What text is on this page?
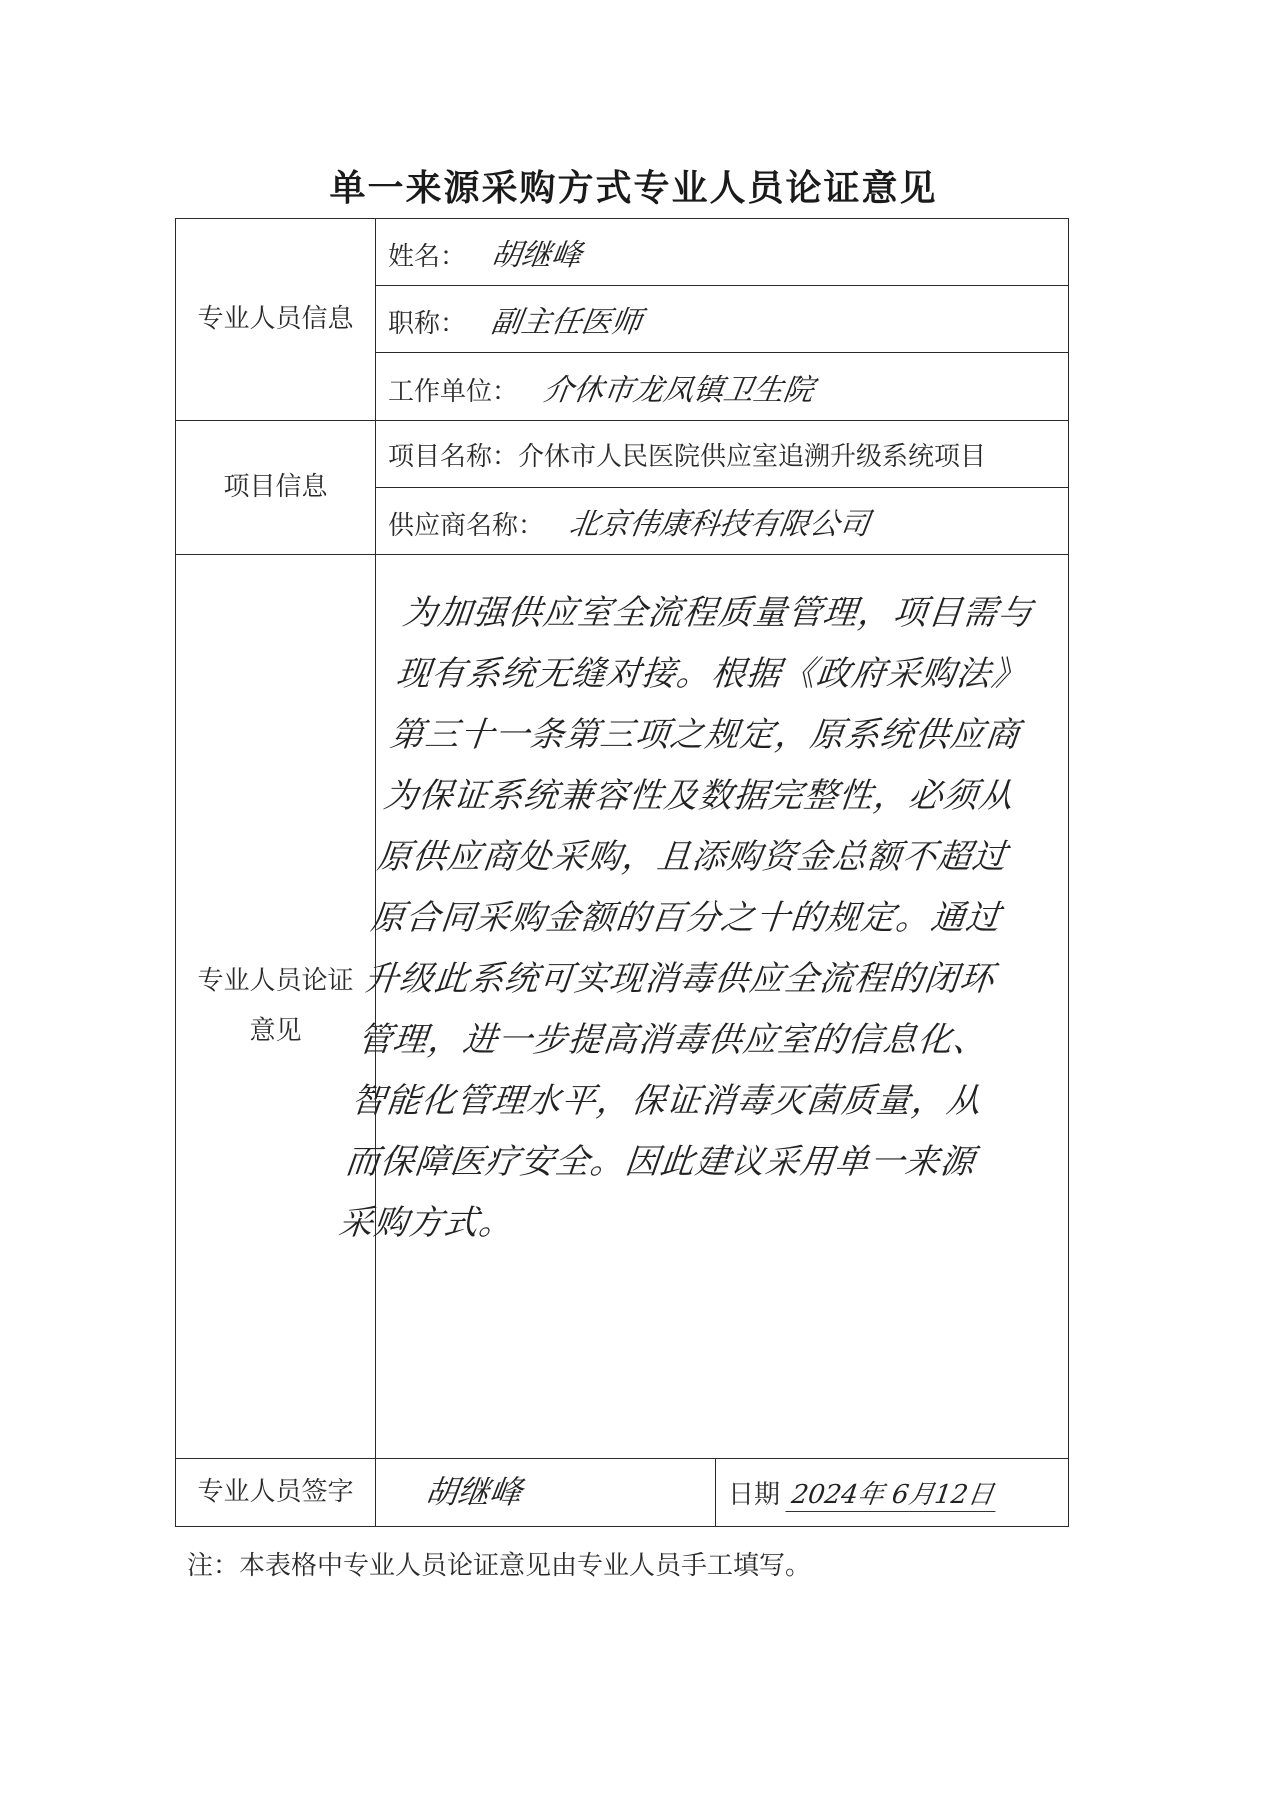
单一来源采购方式专业人员论证意见
专业人员信息	姓名： 胡继峰	
	职称： 副主任医师	
	工作单位： 介休市龙凤镇卫生院	
项目信息	项目名称：介休市人民医院供应室追溯升级系统项目	
	供应商名称： 北京伟康科技有限公司	

专业人员论证
意见	为加强供应室全流程质量管理，项目需与现有系统无缝对接。根据《政府采购法》第三十一条第三项之规定，原系统供应商为保证系统兼容性及数据完整性，必须从原供应商处采购，且添购资金总额不超过原合同采购金额的百分之十的规定。通过升级此系统可实现消毒供应全流程的闭环管理，进一步提高消毒供应室的信息化、智能化管理水平，保证消毒灭菌质量，从而保障医疗安全。因此建议采用单一来源采购方式。	

专业人员签字	胡继峰	日期 2024年 6月12日
注：本表格中专业人员论证意见由专业人员手工填写。
